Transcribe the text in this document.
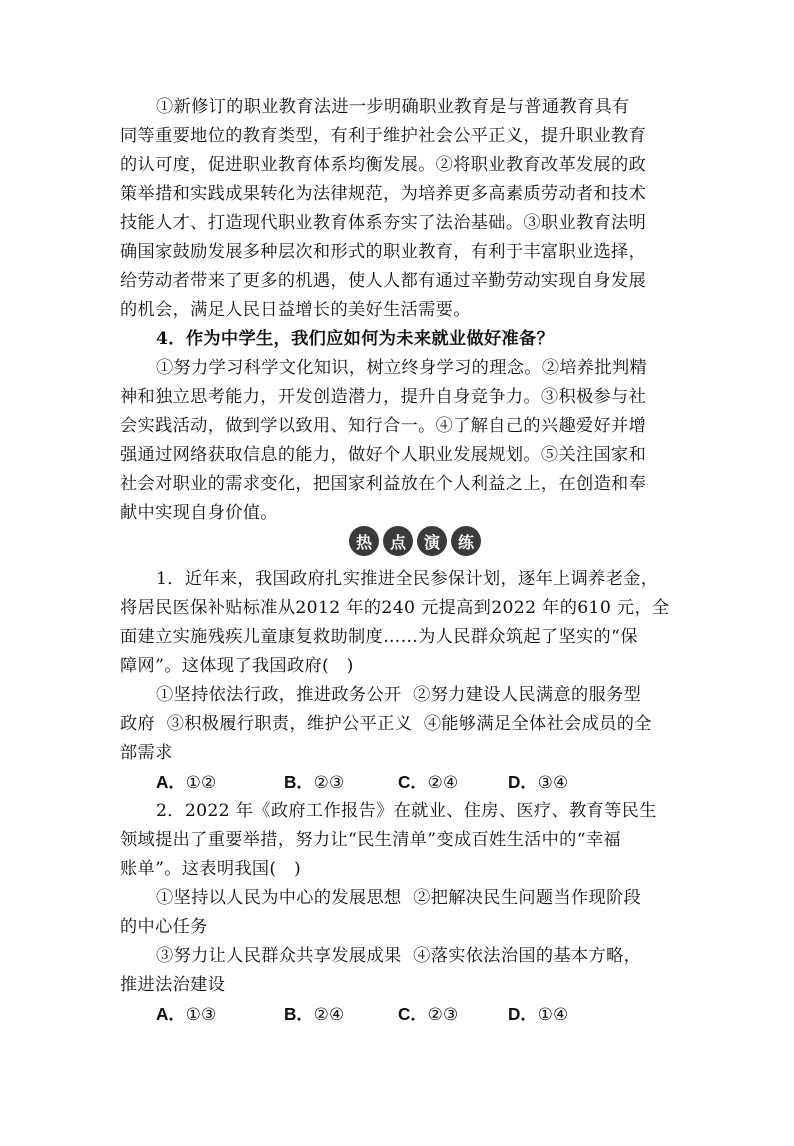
①新修订的职业教育法进一步明确职业教育是与普通教育具有
同等重要地位的教育类型，有利于维护社会公平正义，提升职业教育
的认可度，促进职业教育体系均衡发展。②将职业教育改革发展的政
策举措和实践成果转化为法律规范，为培养更多高素质劳动者和技术
技能人才、打造现代职业教育体系夯实了法治基础。③职业教育法明
确国家鼓励发展多种层次和形式的职业教育，有利于丰富职业选择，
给劳动者带来了更多的机遇，使人人都有通过辛勤劳动实现自身发展
的机会，满足人民日益增长的美好生活需要。
4．作为中学生，我们应如何为未来就业做好准备？
①努力学习科学文化知识，树立终身学习的理念。②培养批判精
神和独立思考能力，开发创造潜力，提升自身竞争力。③积极参与社
会实践活动，做到学以致用、知行合一。④了解自己的兴趣爱好并增
强通过网络获取信息的能力，做好个人职业发展规划。⑤关注国家和
社会对职业的需求变化，把国家利益放在个人利益之上，在创造和奉
献中实现自身价值。
热	点	演	练
1．近年来，我国政府扎实推进全民参保计划，逐年上调养老金，
将居民医保补贴标准从2012 年的240 元提高到2022 年的610 元，全
面建立实施残疾儿童康复救助制度……为人民群众筑起了坚实的“保
障网”。这体现了我国政府(　)
①坚持依法行政，推进政务公开  ②努力建设人民满意的服务型
政府  ③积极履行职责，维护公平正义  ④能够满足全体社会成员的全
部需求

A．①②

	B．②③

	C．②④

	D．③④

2．2022 年《政府工作报告》在就业、住房、医疗、教育等民生
领域提出了重要举措，努力让“民生清单”变成百姓生活中的“幸福
账单”。这表明我国(　)
①坚持以人民为中心的发展思想  ②把解决民生问题当作现阶段
的中心任务
③努力让人民群众共享发展成果  ④落实依法治国的基本方略，
推进法治建设

A．①③

	B．②④

	C．②③

	D．①④
